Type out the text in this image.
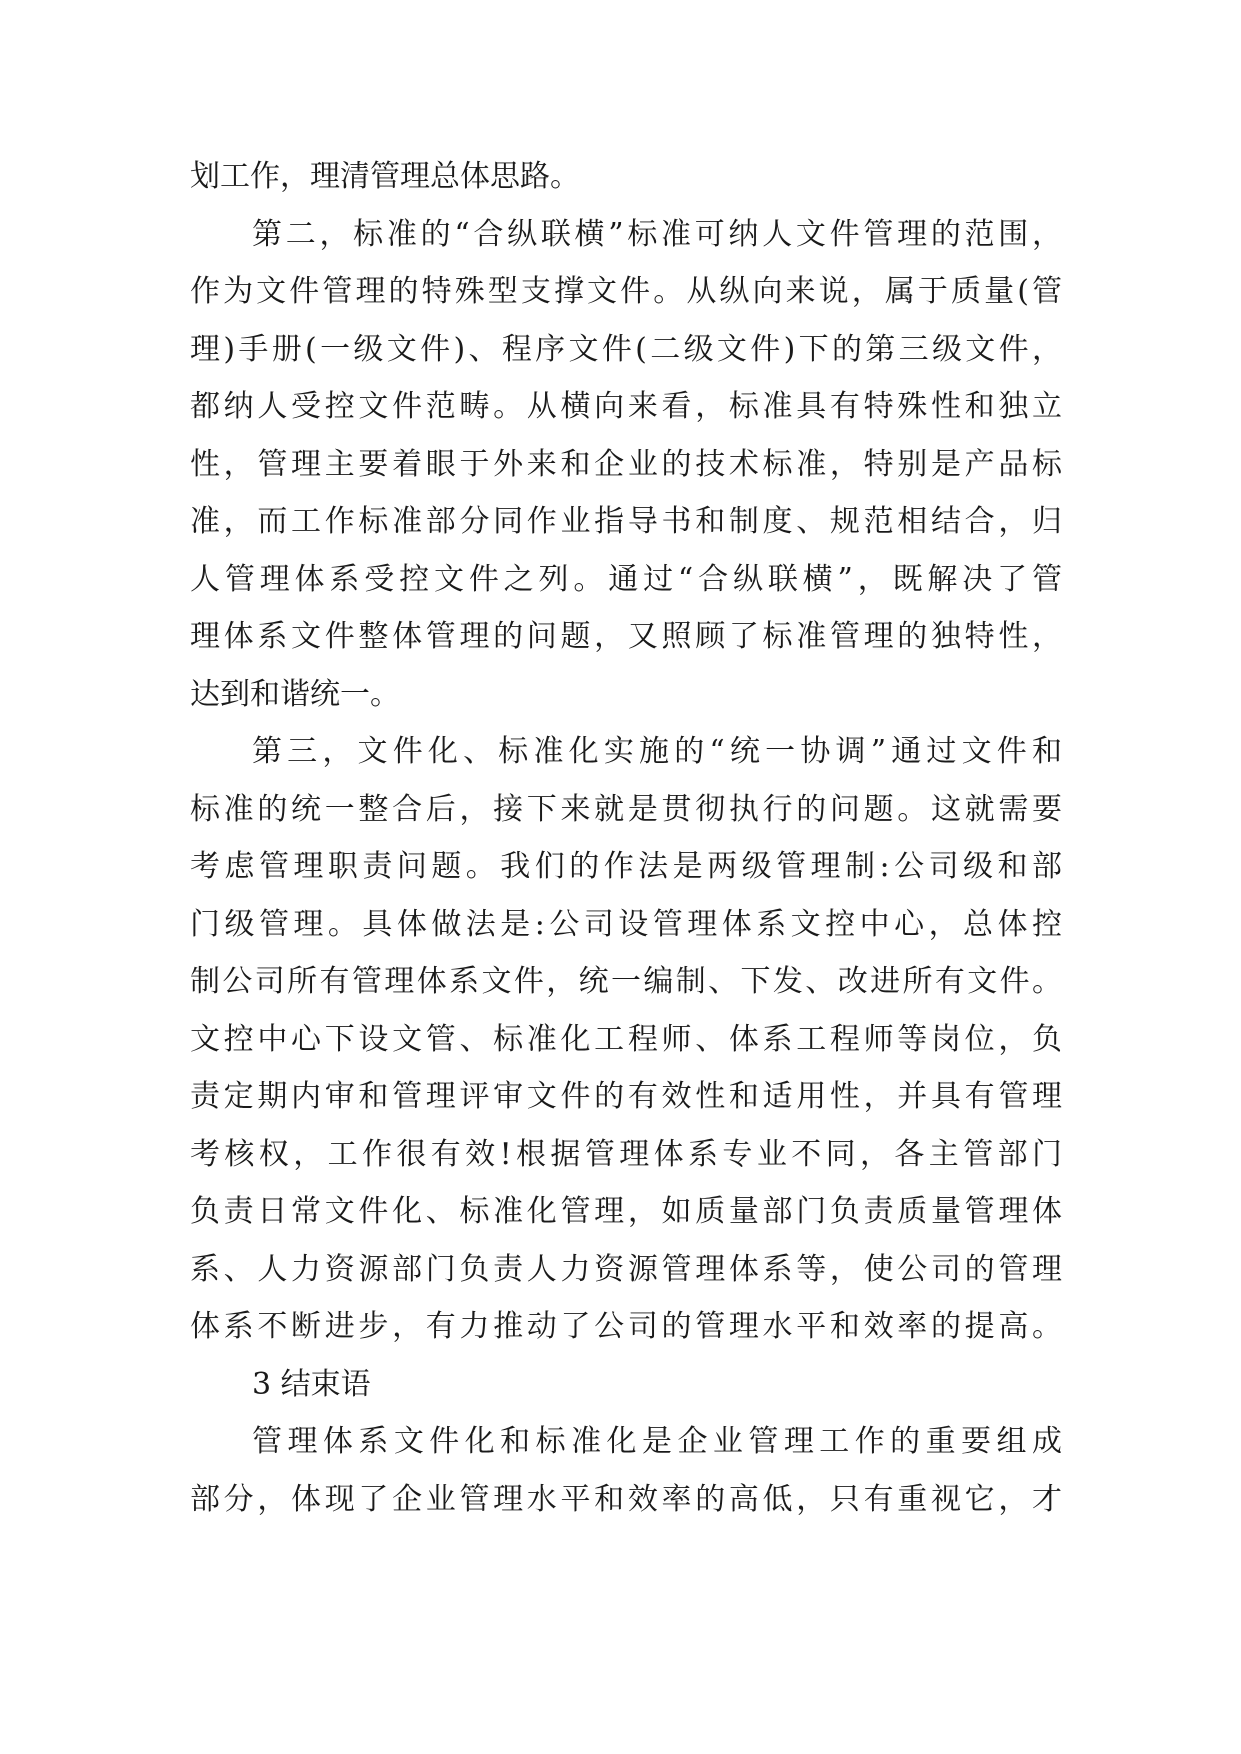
划工作，理清管理总体思路。
第二，标准的“合纵联横”标准可纳人文件管理的范围，
作为文件管理的特殊型支撑文件。从纵向来说，属于质量(管
理)手册(一级文件)、程序文件(二级文件)下的第三级文件，
都纳人受控文件范畴。从横向来看，标准具有特殊性和独立
性，管理主要着眼于外来和企业的技术标准，特别是产品标
准，而工作标准部分同作业指导书和制度、规范相结合，归
人管理体系受控文件之列。通过“合纵联横”，既解决了管
理体系文件整体管理的问题，又照顾了标准管理的独特性，
达到和谐统一。
第三，文件化、标准化实施的“统一协调”通过文件和
标准的统一整合后，接下来就是贯彻执行的问题。这就需要
考虑管理职责问题。我们的作法是两级管理制:公司级和部
门级管理。具体做法是:公司设管理体系文控中心，总体控
制公司所有管理体系文件，统一编制、下发、改进所有文件。
文控中心下设文管、标准化工程师、体系工程师等岗位，负
责定期内审和管理评审文件的有效性和适用性，并具有管理
考核权，工作很有效!根据管理体系专业不同，各主管部门
负责日常文件化、标准化管理，如质量部门负责质量管理体
系、人力资源部门负责人力资源管理体系等，使公司的管理
体系不断进步，有力推动了公司的管理水平和效率的提高。
3 结束语
管理体系文件化和标准化是企业管理工作的重要组成
部分，体现了企业管理水平和效率的高低，只有重视它，才
